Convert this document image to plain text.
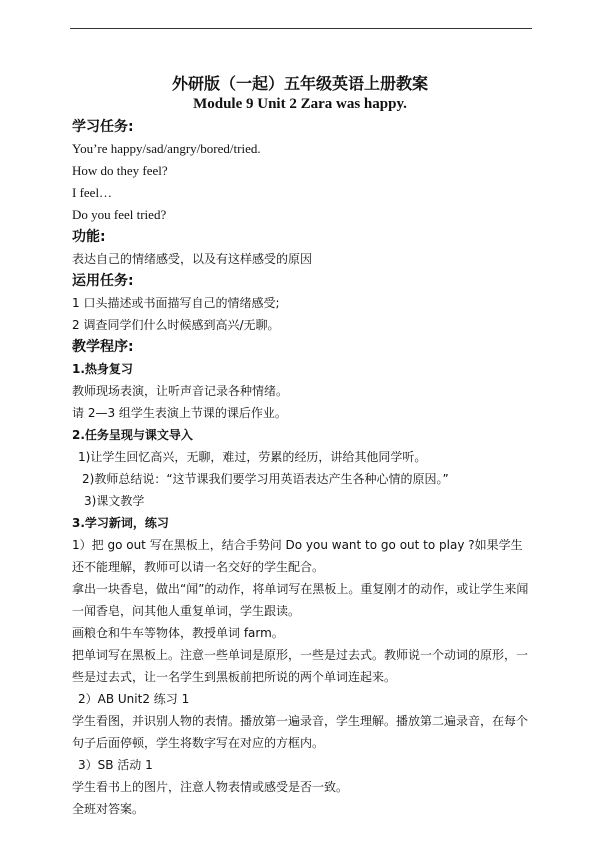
外研版（一起）五年级英语上册教案
Module 9 Unit 2 Zara was happy.

学习任务:

You’re happy/sad/angry/bored/tried.

How do they feel?

I feel…

Do you feel tried?

功能:

表达自己的情绪感受，以及有这样感受的原因

运用任务:

1 口头描述或书面描写自己的情绪感受;

2 调查同学们什么时候感到高兴/无聊。

教学程序:

1.热身复习

教师现场表演，让听声音记录各种情绪。

请 2—3 组学生表演上节课的课后作业。

2.任务呈现与课文导入

1)让学生回忆高兴，无聊，难过，劳累的经历，讲给其他同学听。

2)教师总结说：“这节课我们要学习用英语表达产生各种心情的原因。”

3)课文教学

3.学习新词，练习

1）把 go out 写在黑板上，结合手势问 Do you want to go out to play ?如果学生还不能理解，教师可以请一名交好的学生配合。

拿出一块香皂，做出“闻”的动作，将单词写在黑板上。重复刚才的动作，或让学生来闻一闻香皂，问其他人重复单词，学生跟读。

画粮仓和牛车等物体，教授单词 farm。

把单词写在黑板上。注意一些单词是原形，一些是过去式。教师说一个动词的原形，一些是过去式，让一名学生到黑板前把所说的两个单词连起来。

2）AB Unit2 练习 1

学生看图，并识别人物的表情。播放第一遍录音，学生理解。播放第二遍录音，在每个句子后面停顿，学生将数字写在对应的方框内。

3）SB 活动 1

学生看书上的图片，注意人物表情或感受是否一致。

全班对答案。
